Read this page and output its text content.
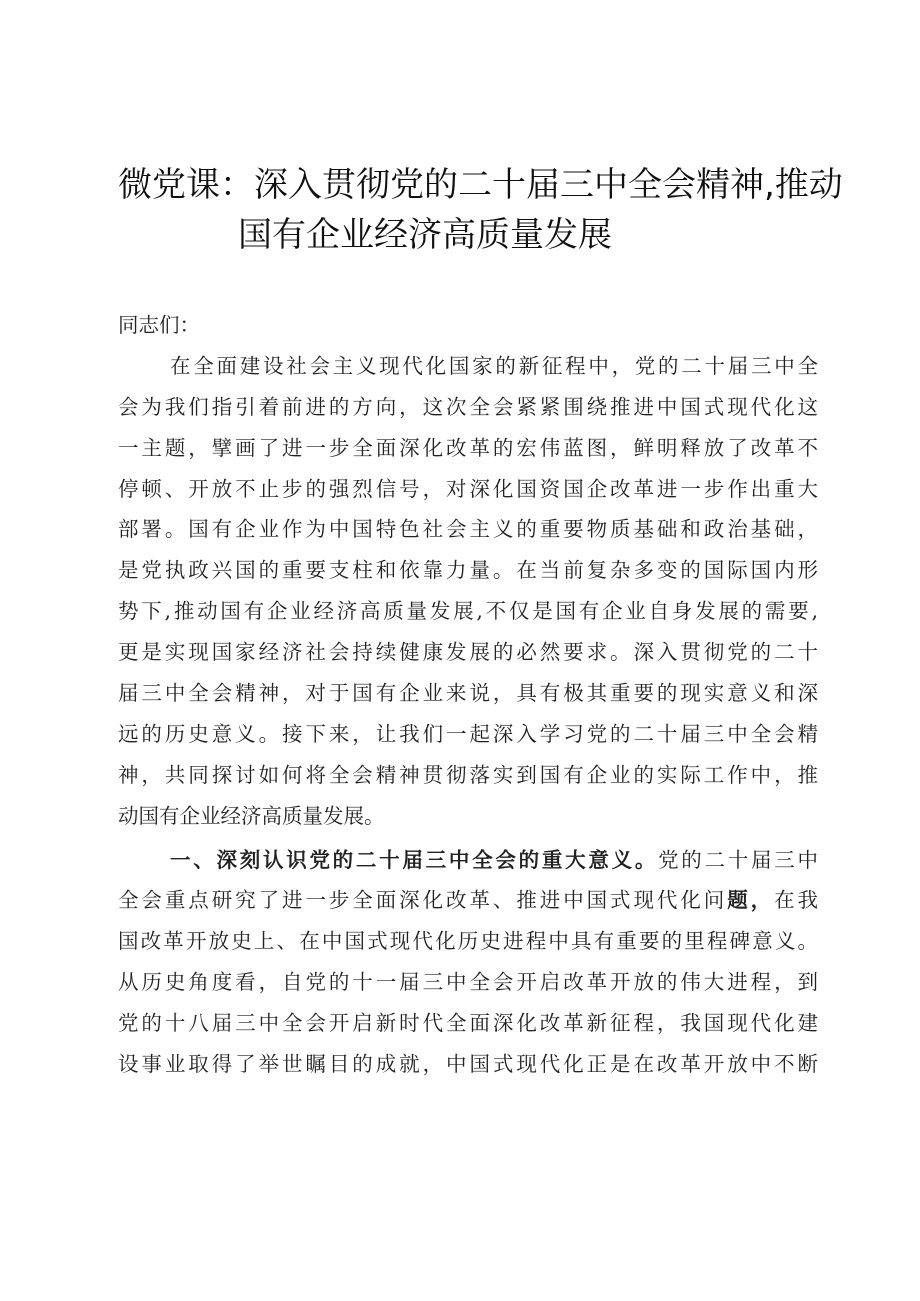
微党课：深入贯彻党的二十届三中全会精神,推动
国有企业经济高质量发展
同志们：
在全面建设社会主义现代化国家的新征程中，党的二十届三中全
会为我们指引着前进的方向，这次全会紧紧围绕推进中国式现代化这
一主题，擘画了进一步全面深化改革的宏伟蓝图，鲜明释放了改革不
停顿、开放不止步的强烈信号，对深化国资国企改革进一步作出重大
部署。国有企业作为中国特色社会主义的重要物质基础和政治基础，
是党执政兴国的重要支柱和依靠力量。在当前复杂多变的国际国内形
势下,推动国有企业经济高质量发展,不仅是国有企业自身发展的需要,
更是实现国家经济社会持续健康发展的必然要求。深入贯彻党的二十
届三中全会精神，对于国有企业来说，具有极其重要的现实意义和深
远的历史意义。接下来，让我们一起深入学习党的二十届三中全会精
神，共同探讨如何将全会精神贯彻落实到国有企业的实际工作中，推
动国有企业经济高质量发展。
一、深刻认识党的二十届三中全会的重大意义。党的二十届三中
全会重点研究了进一步全面深化改革、推进中国式现代化问题，在我
国改革开放史上、在中国式现代化历史进程中具有重要的里程碑意义。
从历史角度看，自党的十一届三中全会开启改革开放的伟大进程，到
党的十八届三中全会开启新时代全面深化改革新征程，我国现代化建
设事业取得了举世瞩目的成就，中国式现代化正是在改革开放中不断
